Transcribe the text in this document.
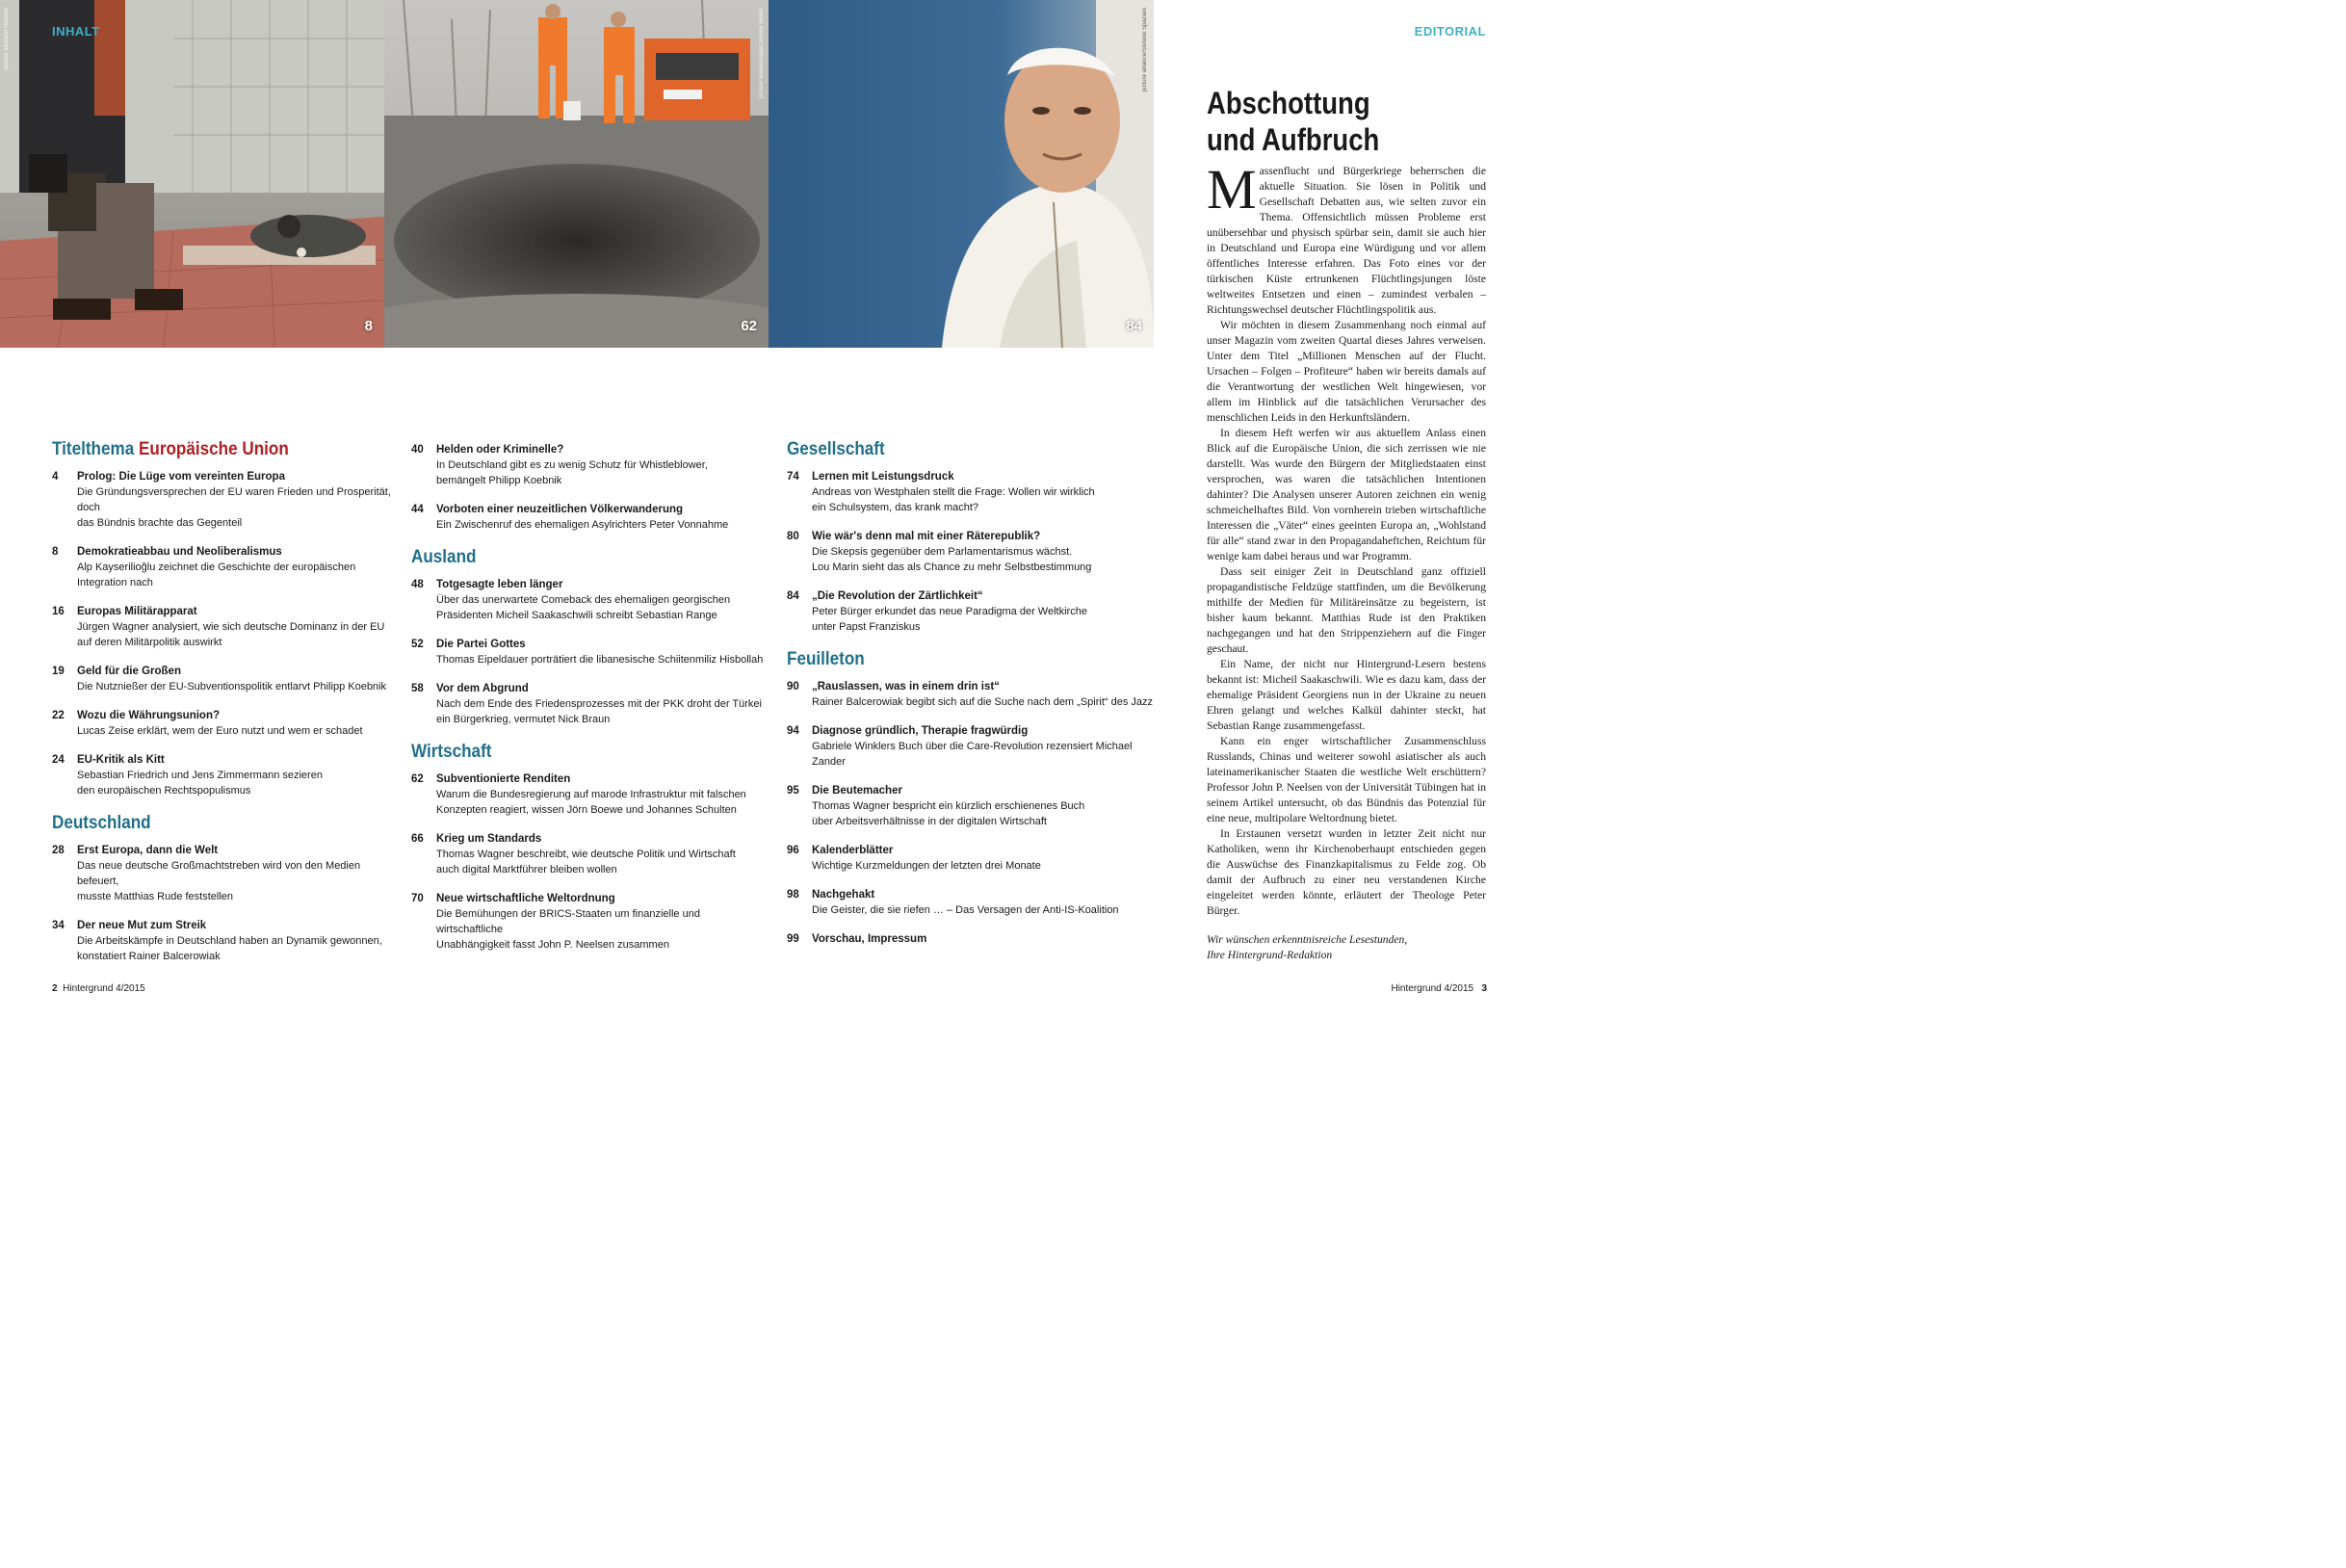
picture alliance/ Reuters
8
picture alliance/dpa/Caroline Seidel
62
picture alliance/Stefano Spaziani
84
INHALT	EDITORIAL
Titelthema Europäische Union
4	Prolog: Die Lüge vom vereinten Europa
Die Gründungsversprechen der EU waren Frieden und Prosperität, doch
das Bündnis brachte das Gegenteil
8	Demokratieabbau und Neoliberalismus
Alp Kayserilioğlu zeichnet die Geschichte der europäischen
Integration nach
16	Europas Militärapparat
Jürgen Wagner analysiert, wie sich deutsche Dominanz in der EU
auf deren Militärpolitik auswirkt
19	Geld für die Großen
Die Nutznießer der EU-Subventionspolitik entlarvt Philipp Koebnik
22	Wozu die Währungsunion?
Lucas Zeise erklärt, wem der Euro nutzt und wem er schadet
24	EU-Kritik als Kitt
Sebastian Friedrich und Jens Zimmermann sezieren
den europäischen Rechtspopulismus
Deutschland
28	Erst Europa, dann die Welt
Das neue deutsche Großmachtstreben wird von den Medien befeuert,
musste Matthias Rude feststellen
34	Der neue Mut zum Streik
Die Arbeitskämpfe in Deutschland haben an Dynamik gewonnen,
konstatiert Rainer Balcerowiak
40	Helden oder Kriminelle?
In Deutschland gibt es zu wenig Schutz für Whistleblower,
bemängelt Philipp Koebnik
44	Vorboten einer neuzeitlichen Völkerwanderung
Ein Zwischenruf des ehemaligen Asylrichters Peter Vonnahme
Ausland
48	Totgesagte leben länger
Über das unerwartete Comeback des ehemaligen georgischen
Präsidenten Micheil Saakaschwili schreibt Sebastian Range
52	Die Partei Gottes
Thomas Eipeldauer porträtiert die libanesische Schiitenmiliz Hisbollah
58	Vor dem Abgrund
Nach dem Ende des Friedensprozesses mit der PKK droht der Türkei
ein Bürgerkrieg, vermutet Nick Braun
Wirtschaft
62	Subventionierte Renditen
Warum die Bundesregierung auf marode Infrastruktur mit falschen
Konzepten reagiert, wissen Jörn Boewe und Johannes Schulten
66	Krieg um Standards
Thomas Wagner beschreibt, wie deutsche Politik und Wirtschaft
auch digital Marktführer bleiben wollen
70	Neue wirtschaftliche Weltordnung
Die Bemühungen der BRICS-Staaten um finanzielle und wirtschaftliche
Unabhängigkeit fasst John P. Neelsen zusammen
Gesellschaft
74	Lernen mit Leistungsdruck
Andreas von Westphalen stellt die Frage: Wollen wir wirklich
ein Schulsystem, das krank macht?
80	Wie wär's denn mal mit einer Räterepublik?
Die Skepsis gegenüber dem Parlamentarismus wächst.
Lou Marin sieht das als Chance zu mehr Selbstbestimmung
84	„Die Revolution der Zärtlichkeit“
Peter Bürger erkundet das neue Paradigma der Weltkirche
unter Papst Franziskus
Feuilleton
90	„Rauslassen, was in einem drin ist“
Rainer Balcerowiak begibt sich auf die Suche nach dem „Spirit“ des Jazz
94	Diagnose gründlich, Therapie fragwürdig
Gabriele Winklers Buch über die Care-Revolution rezensiert Michael Zander
95	Die Beutemacher
Thomas Wagner bespricht ein kürzlich erschienenes Buch
über Arbeitsverhältnisse in der digitalen Wirtschaft
96	Kalenderblätter
Wichtige Kurzmeldungen der letzten drei Monate
98	Nachgehakt
Die Geister, die sie riefen … – Das Versagen der Anti-IS-Koalition
99	Vorschau, Impressum
Abschottung
und Aufbruch

Massenflucht und Bürgerkriege beherrschen die aktuelle Situation. Sie lösen in Politik und Gesellschaft Debatten aus, wie selten zuvor ein Thema. Offensichtlich müssen Probleme erst unübersehbar und physisch spürbar sein, damit sie auch hier in Deutschland und Europa eine Würdigung und vor allem öffentliches Interesse erfahren. Das Foto eines vor der türkischen Küste ertrunkenen Flüchtlingsjungen löste weltweites Entsetzen und einen – zumindest verbalen – Richtungswechsel deutscher Flüchtlingspolitik aus.

Wir möchten in diesem Zusammenhang noch einmal auf unser Magazin vom zweiten Quartal dieses Jahres verweisen. Unter dem Titel „Millionen Menschen auf der Flucht. Ursachen – Folgen – Profiteure“ haben wir bereits damals auf die Verantwortung der westlichen Welt hingewiesen, vor allem im Hinblick auf die tatsächlichen Verursacher des menschlichen Leids in den Herkunftsländern.

In diesem Heft werfen wir aus aktuellem Anlass einen Blick auf die Europäische Union, die sich zerrissen wie nie darstellt. Was wurde den Bürgern der Mitgliedstaaten einst versprochen, was waren die tatsächlichen Intentionen dahinter? Die Analysen unserer Autoren zeichnen ein wenig schmeichelhaftes Bild. Von vornherein trieben wirtschaftliche Interessen die „Väter“ eines geeinten Europa an, „Wohlstand für alle“ stand zwar in den Propagandaheftchen, Reichtum für wenige kam dabei heraus und war Programm.

Dass seit einiger Zeit in Deutschland ganz offiziell propagandistische Feldzüge stattfinden, um die Bevölkerung mithilfe der Medien für Militäreinsätze zu begeistern, ist bisher kaum bekannt. Matthias Rude ist den Praktiken nachgegangen und hat den Strippenziehern auf die Finger geschaut.

Ein Name, der nicht nur Hintergrund-Lesern bestens bekannt ist: Micheil Saakaschwili. Wie es dazu kam, dass der ehemalige Präsident Georgiens nun in der Ukraine zu neuen Ehren gelangt und welches Kalkül dahinter steckt, hat Sebastian Range zusammengefasst.

Kann ein enger wirtschaftlicher Zusammenschluss Russlands, Chinas und weiterer sowohl asiatischer als auch lateinamerikanischer Staaten die westliche Welt erschüttern? Professor John P. Neelsen von der Universität Tübingen hat in seinem Artikel untersucht, ob das Bündnis das Potenzial für eine neue, multipolare Weltordnung bietet.

In Erstaunen versetzt wurden in letzter Zeit nicht nur Katholiken, wenn ihr Kirchenoberhaupt entschieden gegen die Auswüchse des Finanzkapitalismus zu Felde zog. Ob damit der Aufbruch zu einer neu verstandenen Kirche eingeleitet werden könnte, erläutert der Theologe Peter Bürger.

Wir wünschen erkenntnisreiche Lesestunden,
Ihre Hintergrund-Redaktion
2 Hintergrund 4/2015	Hintergrund 4/2015 3
